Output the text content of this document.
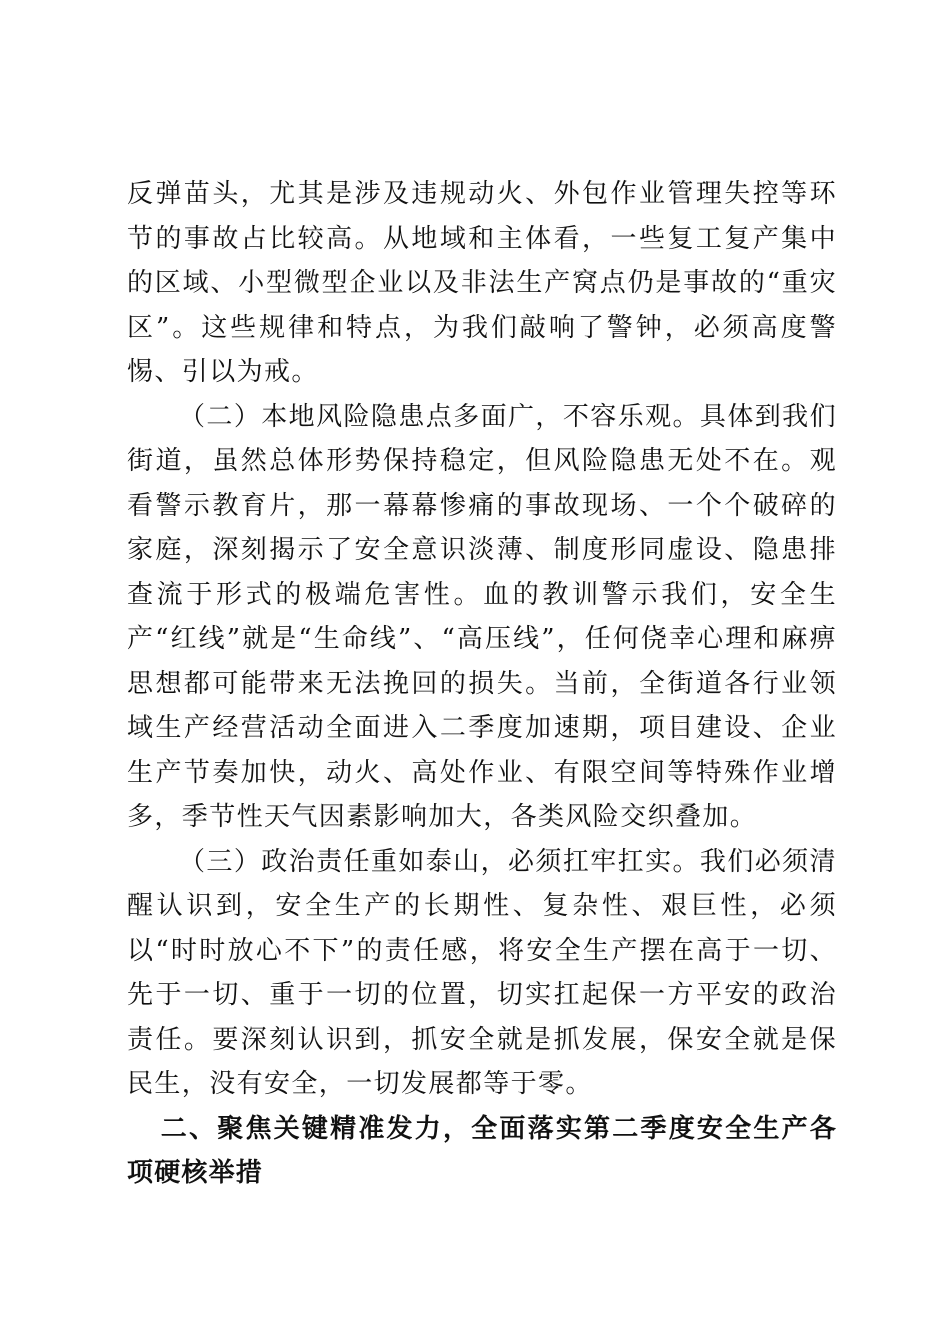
反弹苗头，尤其是涉及违规动火、外包作业管理失控等环节的事故占比较高。从地域和主体看，一些复工复产集中的区域、小型微型企业以及非法生产窝点仍是事故的“重灾区”。这些规律和特点，为我们敲响了警钟，必须高度警惕、引以为戒。

（二）本地风险隐患点多面广，不容乐观。具体到我们街道，虽然总体形势保持稳定，但风险隐患无处不在。观看警示教育片，那一幕幕惨痛的事故现场、一个个破碎的家庭，深刻揭示了安全意识淡薄、制度形同虚设、隐患排查流于形式的极端危害性。血的教训警示我们，安全生产“红线”就是“生命线”、“高压线”，任何侥幸心理和麻痹思想都可能带来无法挽回的损失。当前，全街道各行业领域生产经营活动全面进入二季度加速期，项目建设、企业生产节奏加快，动火、高处作业、有限空间等特殊作业增多，季节性天气因素影响加大，各类风险交织叠加。

（三）政治责任重如泰山，必须扛牢扛实。我们必须清醒认识到，安全生产的长期性、复杂性、艰巨性，必须以“时时放心不下”的责任感，将安全生产摆在高于一切、先于一切、重于一切的位置，切实扛起保一方平安的政治责任。要深刻认识到，抓安全就是抓发展，保安全就是保民生，没有安全，一切发展都等于零。

二、聚焦关键精准发力，全面落实第二季度安全生产各项硬核举措
